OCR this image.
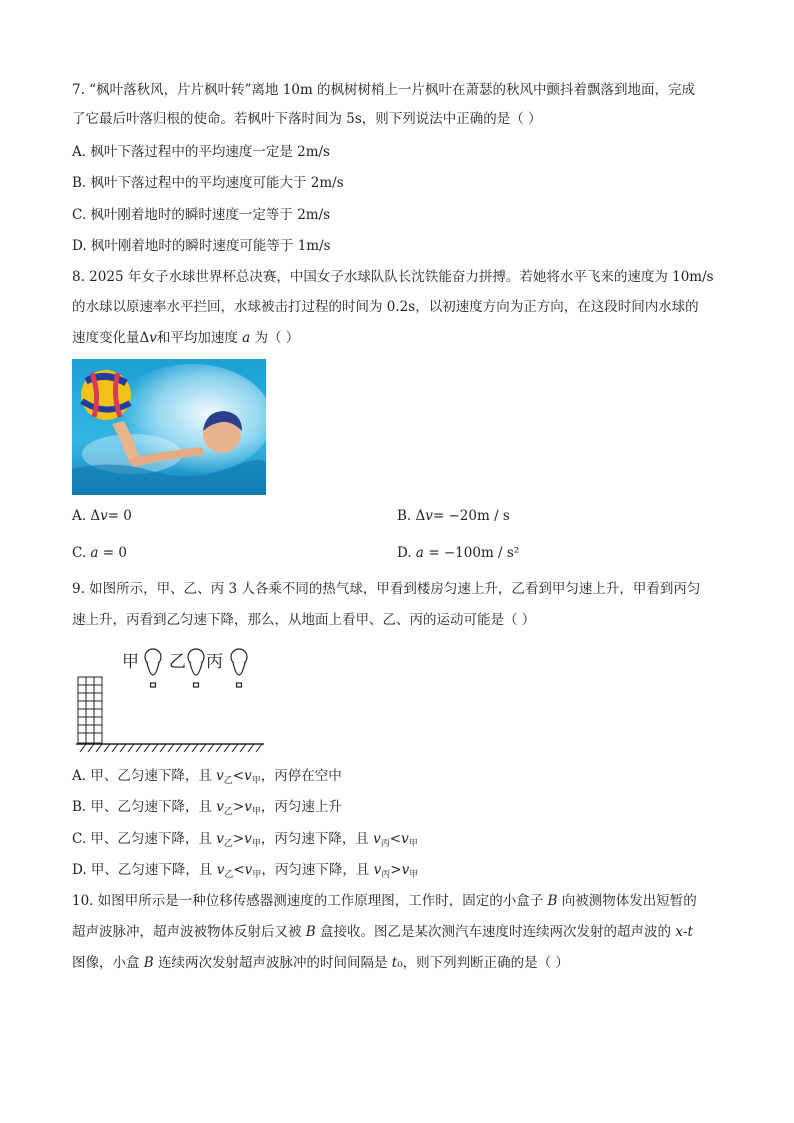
7. “枫叶落秋风，片片枫叶转”离地 10m 的枫树树梢上一片枫叶在萧瑟的秋风中颤抖着飘落到地面，完成
了它最后叶落归根的使命。若枫叶下落时间为 5s，则下列说法中正确的是（ ）
A. 枫叶下落过程中的平均速度一定是 2m/s
B. 枫叶下落过程中的平均速度可能大于 2m/s
C. 枫叶刚着地时的瞬时速度一定等于 2m/s
D. 枫叶刚着地时的瞬时速度可能等于 1m/s
8. 2025 年女子水球世界杯总决赛，中国女子水球队队长沈铁能奋力拼搏。若她将水平飞来的速度为 10m/s
的水球以原速率水平拦回，水球被击打过程的时间为 0.2s，以初速度方向为正方向，在这段时间内水球的
速度变化量Δ𝑣和平均加速度 𝑎 为（ ）
A. Δ𝑣= 0	B. Δ𝑣= −20m / s
C. 𝑎 = 0	D. 𝑎 = −100m / s²
9. 如图所示，甲、乙、丙 3 人各乘不同的热气球，甲看到楼房匀速上升，乙看到甲匀速上升，甲看到丙匀
速上升，丙看到乙匀速下降，那么，从地面上看甲、乙、丙的运动可能是（ ）
甲 乙 丙
A. 甲、乙匀速下降，且 𝑣$_乙$<𝑣$_甲$，丙停在空中
B. 甲、乙匀速下降，且 𝑣$_乙$>𝑣$_甲$，丙匀速上升
C. 甲、乙匀速下降，且 𝑣$_乙$>𝑣$_甲$，丙匀速下降，且 𝑣$_丙$<𝑣$_甲$
D. 甲、乙匀速下降，且 𝑣$_乙$<𝑣$_甲$，丙匀速下降，且 𝑣$_丙$>𝑣$_甲$
10. 如图甲所示是一种位移传感器测速度的工作原理图，工作时，固定的小盒子 𝐵 向被测物体发出短暂的
超声波脉冲，超声波被物体反射后又被 𝐵 盒接收。图乙是某次测汽车速度时连续两次发射的超声波的 𝑥-𝑡
图像，小盒 𝐵 连续两次发射超声波脉冲的时间间隔是 𝑡₀，则下列判断正确的是（ ）
